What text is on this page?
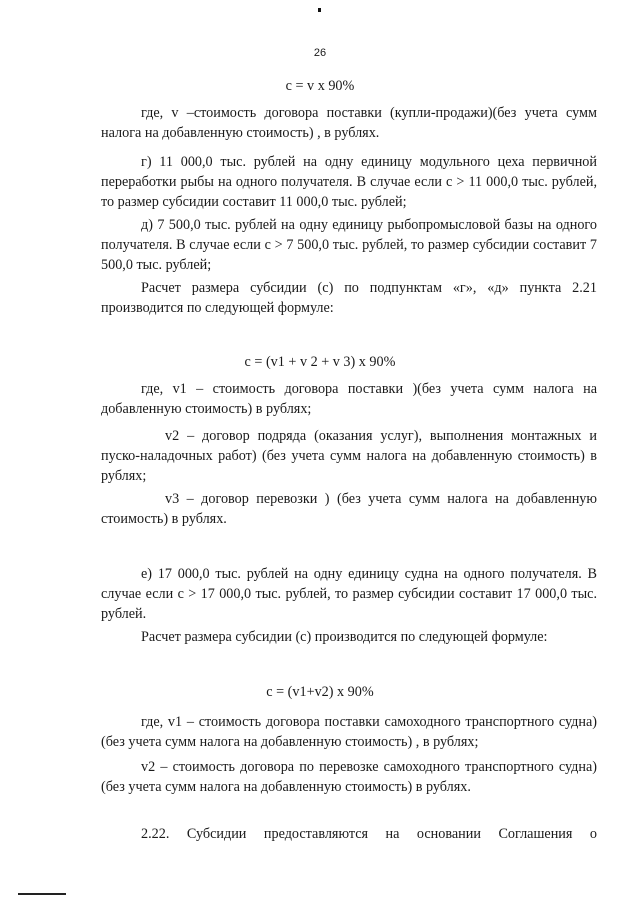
26
с = v x 90%
где, v –стоимость договора поставки (купли-продажи)(без учета сумм налога на добавленную стоимость) , в рублях.
г) 11 000,0 тыс. рублей на одну единицу модульного цеха первичной переработки рыбы на одного получателя. В случае если с > 11 000,0 тыс. рублей, то размер субсидии составит 11 000,0 тыс. рублей;
д) 7 500,0 тыс. рублей на одну единицу рыбопромысловой базы на одного получателя. В случае если с > 7 500,0 тыс. рублей, то размер субсидии составит 7 500,0 тыс. рублей;
Расчет размера субсидии (с) по подпунктам «г», «д» пункта 2.21 производится по следующей формуле:
с = (v1 + v 2 + v 3) x 90%
где, v1 – стоимость договора поставки )(без учета сумм налога на добавленную стоимость) в рублях;
v2 – договор подряда (оказания услуг), выполнения монтажных и пуско-наладочных работ) (без учета сумм налога на добавленную стоимость) в рублях;
v3 – договор перевозки ) (без учета сумм налога на добавленную стоимость) в рублях.
е) 17 000,0 тыс. рублей на одну единицу судна на одного получателя. В случае если с > 17 000,0 тыс. рублей, то размер субсидии составит 17 000,0 тыс. рублей.
Расчет размера субсидии (с) производится по следующей формуле:
с = (v1+v2) x 90%
где, v1 – стоимость договора поставки самоходного транспортного судна) (без учета сумм налога на добавленную стоимость) , в рублях;
v2 – стоимость договора по перевозке самоходного транспортного судна) (без учета сумм налога на добавленную стоимость) в рублях.
2.22. Субсидии предоставляются на основании Соглашения о
